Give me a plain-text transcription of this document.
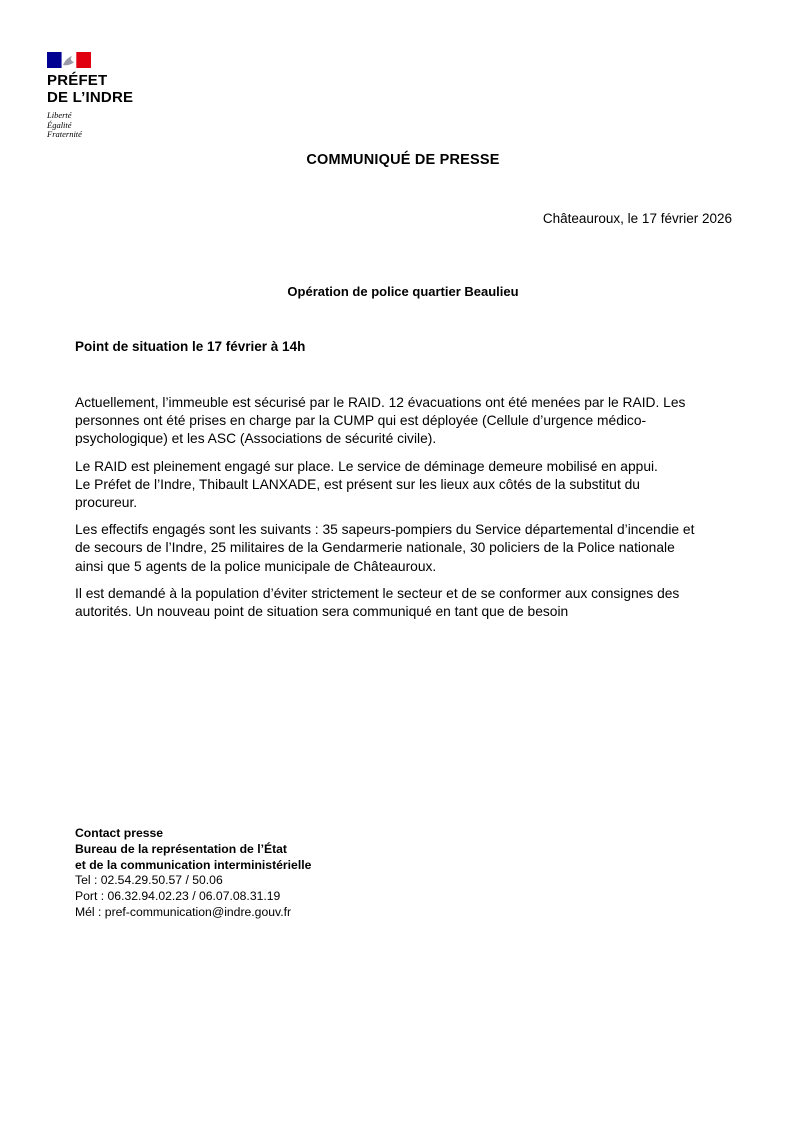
PRÉFET
DE L’INDRE
Liberté
Égalité
Fraternité
COMMUNIQUÉ DE PRESSE
Châteauroux, le 17 février 2026
Opération de police quartier Beaulieu
Point de situation le 17 février à 14h

Actuellement, l’immeuble est sécurisé par le RAID. 12 évacuations ont été menées par le RAID. Les
personnes ont été prises en charge par la CUMP qui est déployée (Cellule d’urgence médico-
psychologique) et les ASC (Associations de sécurité civile).

Le RAID est pleinement engagé sur place. Le service de déminage demeure mobilisé en appui.
Le Préfet de l’Indre, Thibault LANXADE, est présent sur les lieux aux côtés de la substitut du
procureur.

Les effectifs engagés sont les suivants : 35 sapeurs-pompiers du Service départemental d’incendie et
de secours de l’Indre, 25 militaires de la Gendarmerie nationale, 30 policiers de la Police nationale
ainsi que 5 agents de la police municipale de Châteauroux.

Il est demandé à la population d’éviter strictement le secteur et de se conformer aux consignes des
autorités. Un nouveau point de situation sera communiqué en tant que de besoin

Contact presse
Bureau de la représentation de l’État
et de la communication interministérielle
Tel : 02.54.29.50.57 / 50.06
Port : 06.32.94.02.23 / 06.07.08.31.19
Mél : pref-communication@indre.gouv.fr
